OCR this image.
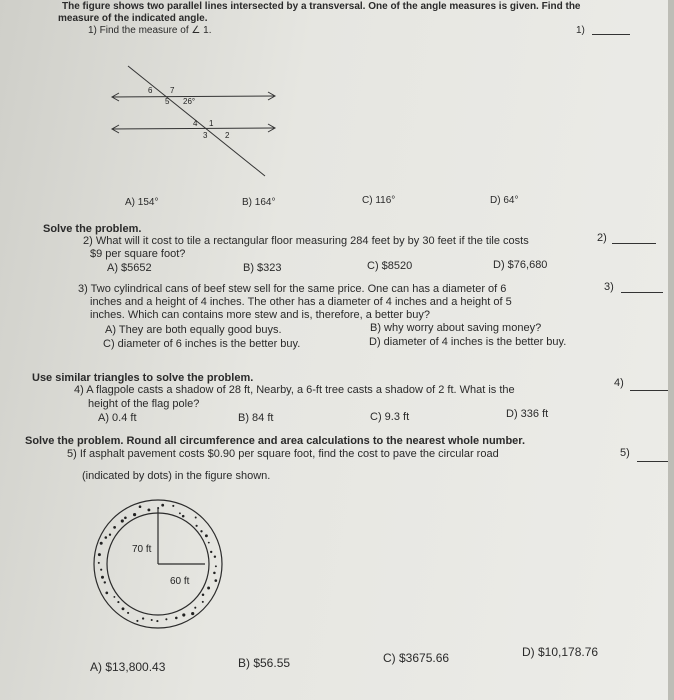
The figure shows two parallel lines intersected by a transversal. One of the angle measures is given. Find the
measure of the indicated angle.
1) Find the measure of ∠ 1.	1)
6 7
5 26°
4 1
3 2
A) 154°	B) 164°	C) 116°	D) 64°
Solve the problem.
2) What will it cost to tile a rectangular floor measuring 284 feet by by 30 feet if the tile costs
$9 per square foot?
2)
A) $5652	B) $323	C) $8520	D) $76,680
3) Two cylindrical cans of beef stew sell for the same price. One can has a diameter of 6
inches and a height of 4 inches. The other has a diameter of 4 inches and a height of 5
inches. Which can contains more stew and is, therefore, a better buy?
3)
A) They are both equally good buys.	B) why worry about saving money?
C) diameter of 6 inches is the better buy.	D) diameter of 4 inches is the better buy.
Use similar triangles to solve the problem.
4) A flagpole casts a shadow of 28 ft, Nearby, a 6-ft tree casts a shadow of 2 ft. What is the
height of the flag pole?
4)
A) 0.4 ft	B) 84 ft	C) 9.3 ft	D) 336 ft
Solve the problem. Round all circumference and area calculations to the nearest whole number.
5) If asphalt pavement costs $0.90 per square foot, find the cost to pave the circular road
(indicated by dots) in the figure shown.
5)
70 ft
60 ft
A) $13,800.43	B) $56.55	C) $3675.66	D) $10,178.76
